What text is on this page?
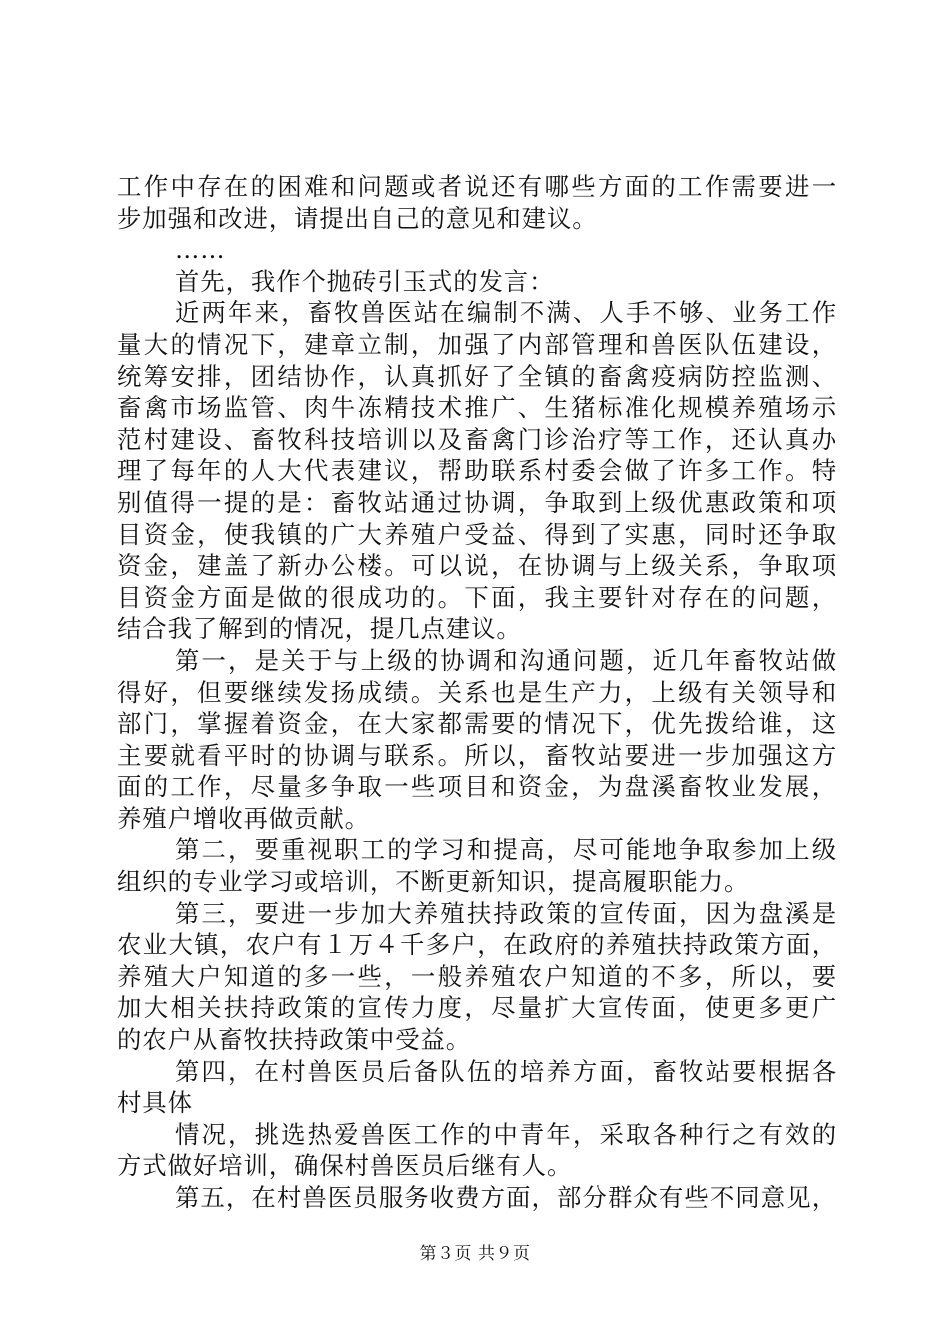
工作中存在的困难和问题或者说还有哪些方面的工作需要进一
步加强和改进，请提出自己的意见和建议。
……
首先，我作个抛砖引玉式的发言：
近两年来，畜牧兽医站在编制不满、人手不够、业务工作
量大的情况下，建章立制，加强了内部管理和兽医队伍建设，
统筹安排，团结协作，认真抓好了全镇的畜禽疫病防控监测、
畜禽市场监管、肉牛冻精技术推广、生猪标准化规模养殖场示
范村建设、畜牧科技培训以及畜禽门诊治疗等工作，还认真办
理了每年的人大代表建议，帮助联系村委会做了许多工作。特
别值得一提的是：畜牧站通过协调，争取到上级优惠政策和项
目资金，使我镇的广大养殖户受益、得到了实惠，同时还争取
资金，建盖了新办公楼。可以说，在协调与上级关系，争取项
目资金方面是做的很成功的。下面，我主要针对存在的问题，
结合我了解到的情况，提几点建议。
第一，是关于与上级的协调和沟通问题，近几年畜牧站做
得好，但要继续发扬成绩。关系也是生产力，上级有关领导和
部门，掌握着资金，在大家都需要的情况下，优先拨给谁，这
主要就看平时的协调与联系。所以，畜牧站要进一步加强这方
面的工作，尽量多争取一些项目和资金，为盘溪畜牧业发展，
养殖户增收再做贡献。
第二，要重视职工的学习和提高，尽可能地争取参加上级
组织的专业学习或培训，不断更新知识，提高履职能力。
第三，要进一步加大养殖扶持政策的宣传面，因为盘溪是
农业大镇，农户有１万４千多户，在政府的养殖扶持政策方面，
养殖大户知道的多一些，一般养殖农户知道的不多，所以，要
加大相关扶持政策的宣传力度，尽量扩大宣传面，使更多更广
的农户从畜牧扶持政策中受益。
第四，在村兽医员后备队伍的培养方面，畜牧站要根据各
村具体
情况，挑选热爱兽医工作的中青年，采取各种行之有效的
方式做好培训，确保村兽医员后继有人。
第五，在村兽医员服务收费方面，部分群众有些不同意见，
第３页 共９页
